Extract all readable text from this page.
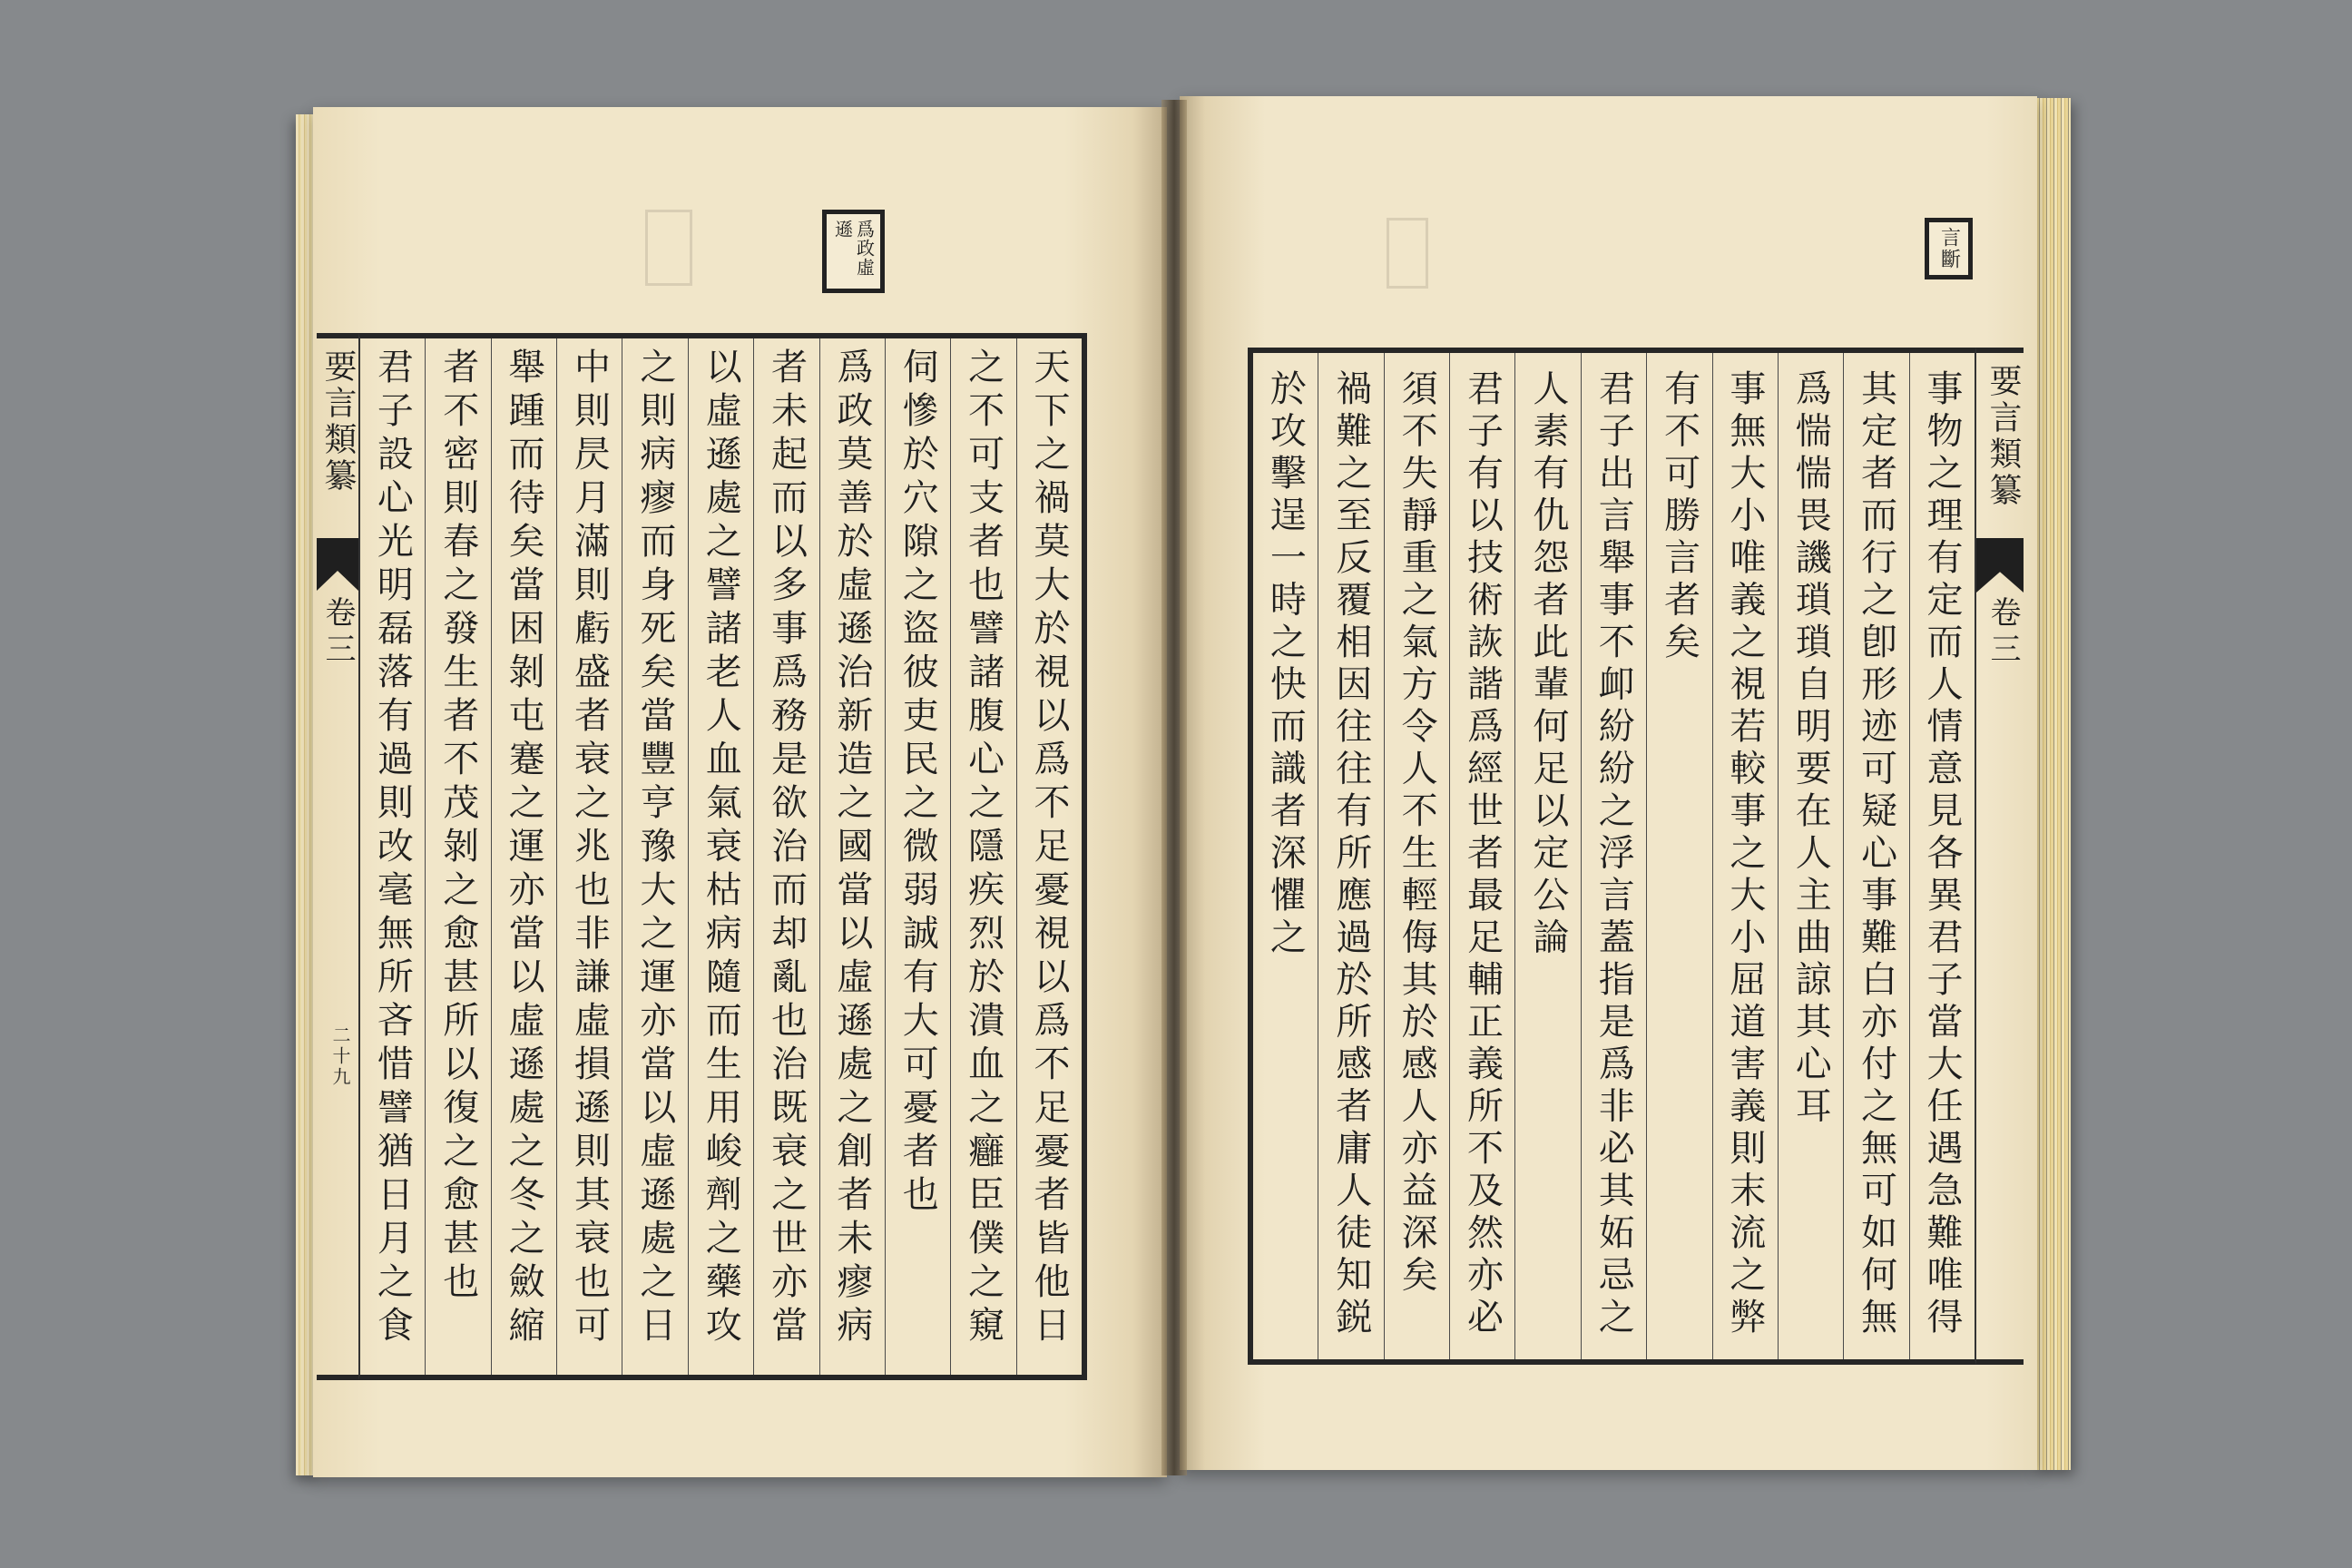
爲政虛遜
要言類纂
卷三
二十九	天下之禍莫大於視以爲不足憂視以爲不足憂者皆他日
之不可支者也譬諸腹心之隱疾烈於潰血之癰臣僕之窺
伺慘於穴隙之盜彼吏民之微弱誠有大可憂者也
爲政莫善於虛遜治新造之國當以虛遜處之創者未瘳病
者未起而以多事爲務是欲治而却亂也治既衰之世亦當
以虛遜處之譬諸老人血氣衰枯病隨而生用峻劑之藥攻
之則病瘳而身死矣當豐亨豫大之運亦當以虛遜處之日
中則昃月滿則虧盛者衰之兆也非謙虛損遜則其衰也可
舉踵而待矣當困剝屯蹇之運亦當以虛遜處之冬之斂縮
者不密則春之發生者不茂剝之愈甚所以復之愈甚也
君子設心光明磊落有過則改毫無所吝惜譬猶日月之食
言斷
事物之理有定而人情意見各異君子當大任遇急難唯得
其定者而行之卽形迹可疑心事難白亦付之無可如何無
爲惴惴畏譏瑣瑣自明要在人主曲諒其心耳
事無大小唯義之視若較事之大小屈道害義則末流之弊
有不可勝言者矣
君子出言舉事不卹紛紛之浮言蓋指是爲非必其妬忌之
人素有仇怨者此輩何足以定公論
君子有以技術詼諧爲經世者最足輔正義所不及然亦必
須不失靜重之氣方令人不生輕侮其於感人亦益深矣
禍難之至反覆相因往往有所應過於所感者庸人徒知鋭
於攻擊逞一時之快而識者深懼之	要言類纂
卷三
